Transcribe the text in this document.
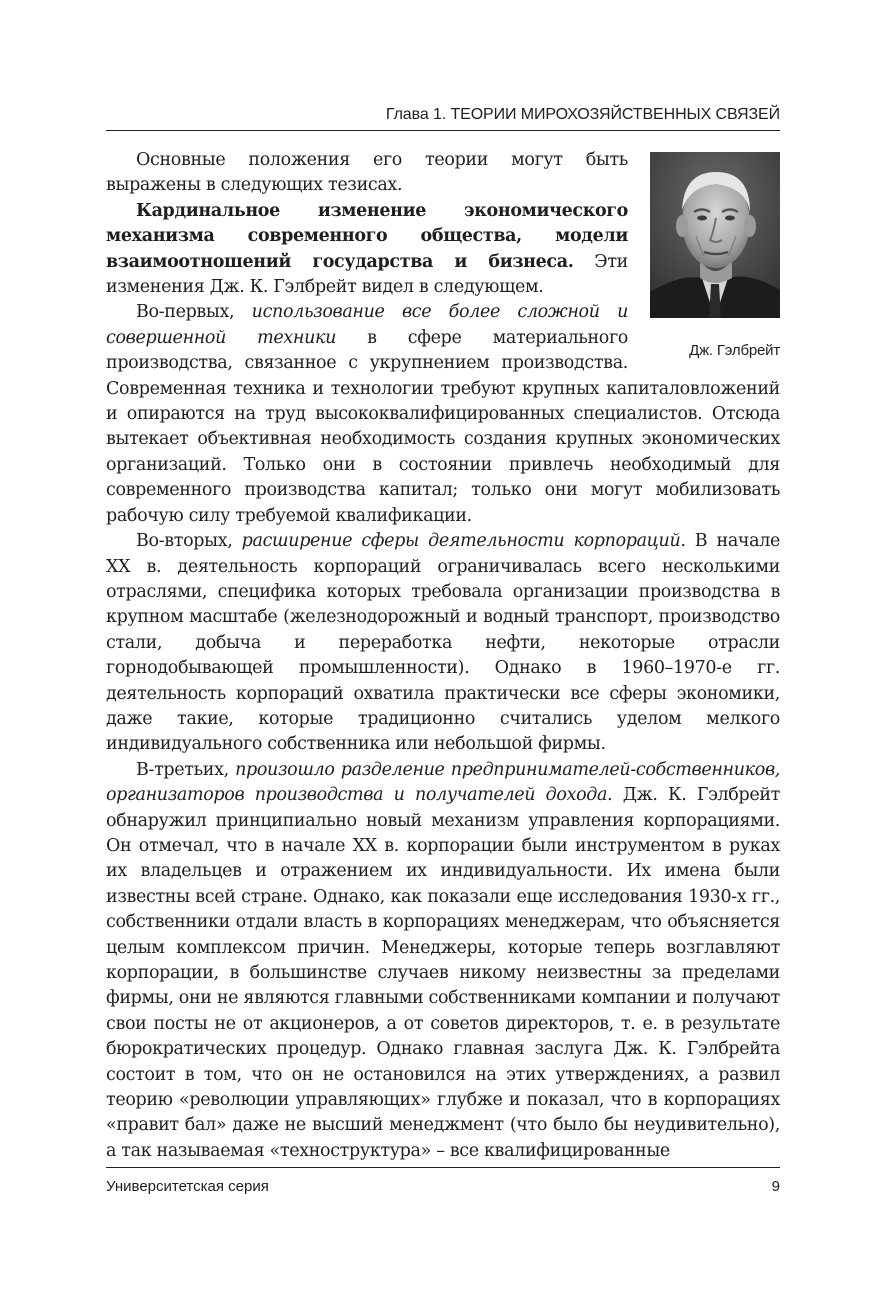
Глава 1. ТЕОРИИ МИРОХОЗЯЙСТВЕННЫХ СВЯЗЕЙ
Дж. Гэлбрейт

Основные положения его теории могут быть выражены в следующих тезисах.

Кардинальное изменение экономического механизма современного общества, модели взаимоотношений государства и бизнеса. Эти изменения Дж. К. Гэлбрейт видел в следующем.

Во-первых, использование все более сложной и совершенной техники в сфере материального производства, связанное с укрупнением производства. Современная техника и технологии требуют крупных капиталовложений и опираются на труд высококвалифицированных специалистов. Отсюда вытекает объективная необходимость создания крупных экономических организаций. Только они в состоянии привлечь необходимый для современного производства капитал; только они могут мобилизовать рабочую силу требуемой квалификации.

Во-вторых, расширение сферы деятельности корпораций. В начале XX в. деятельность корпораций ограничивалась всего несколькими отраслями, специфика которых требовала организации производства в крупном масштабе (железнодорожный и водный транспорт, производство стали, добыча и переработка нефти, некоторые отрасли горнодобывающей промышленности). Однако в 1960–1970-е гг. деятельность корпораций охватила практически все сферы экономики, даже такие, которые традиционно считались уделом мелкого индивидуального собственника или небольшой фирмы.

В-третьих, произошло разделение предпринимателей-собственников, организаторов производства и получателей дохода. Дж. К. Гэлбрейт обнаружил принципиально новый механизм управления корпорациями. Он отмечал, что в начале XX в. корпорации были инструментом в руках их владельцев и отражением их индивидуальности. Их имена были известны всей стране. Однако, как показали еще исследования 1930-х гг., собственники отдали власть в корпорациях менеджерам, что объясняется целым комплексом причин. Менеджеры, которые теперь возглавляют корпорации, в большинстве случаев никому неизвестны за пределами фирмы, они не являются главными собственниками компании и получают свои посты не от акционеров, а от советов директоров, т. е. в результате бюрократических процедур. Однако главная заслуга Дж. К. Гэлбрейта состоит в том, что он не остановился на этих утверждениях, а развил теорию «революции управляющих» глубже и показал, что в корпорациях «правит бал» даже не высший менеджмент (что было бы неудивительно), а так называемая «техноструктура» – все квалифицированные

Университетская серия	9
